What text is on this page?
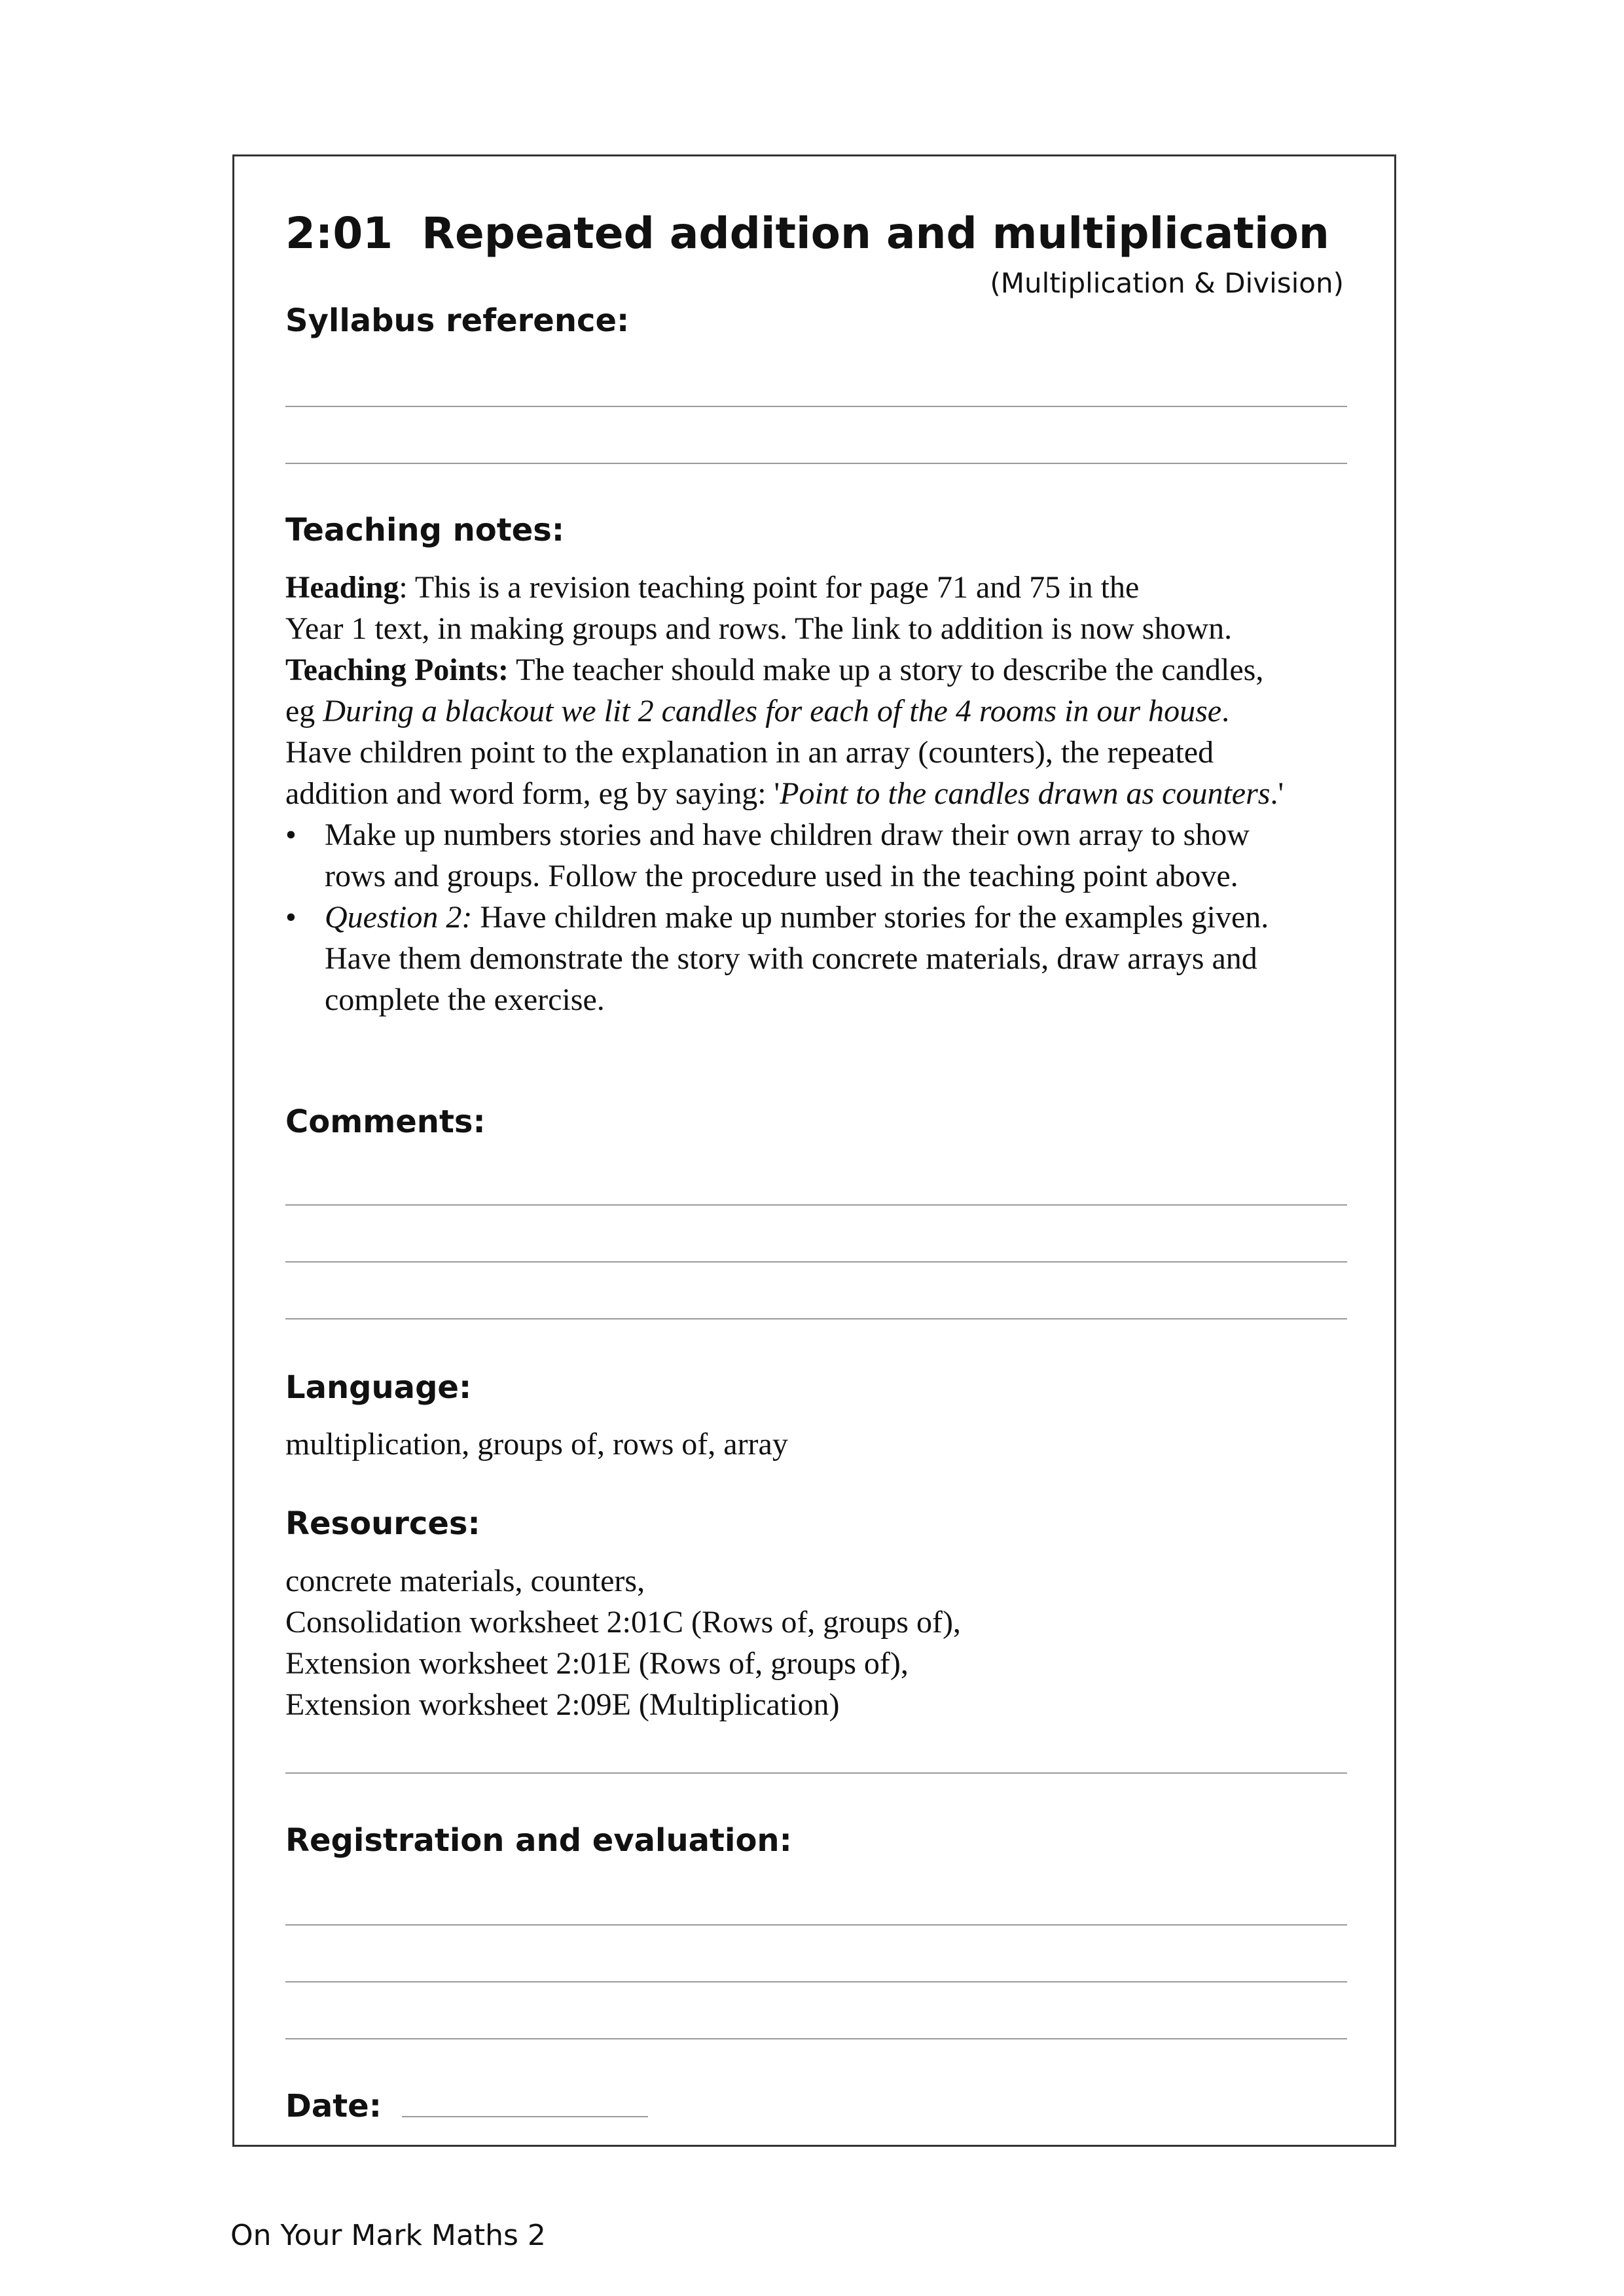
2:01 Repeated addition and multiplication
(Multiplication & Division)
Syllabus reference:
Teaching notes:
Heading: This is a revision teaching point for page 71 and 75 in the
Year 1 text, in making groups and rows. The link to addition is now shown.
Teaching Points: The teacher should make up a story to describe the candles,
eg During a blackout we lit 2 candles for each of the 4 rooms in our house.
Have children point to the explanation in an array (counters), the repeated
addition and word form, eg by saying: 'Point to the candles drawn as counters.'
• Make up numbers stories and have children draw their own array to show
rows and groups. Follow the procedure used in the teaching point above.
• Question 2: Have children make up number stories for the examples given.
Have them demonstrate the story with concrete materials, draw arrays and
complete the exercise.
Comments:
Language:
multiplication, groups of, rows of, array
Resources:
concrete materials, counters,
Consolidation worksheet 2:01C (Rows of, groups of),
Extension worksheet 2:01E (Rows of, groups of),
Extension worksheet 2:09E (Multiplication)
Registration and evaluation:
Date:
On Your Mark Maths 2
